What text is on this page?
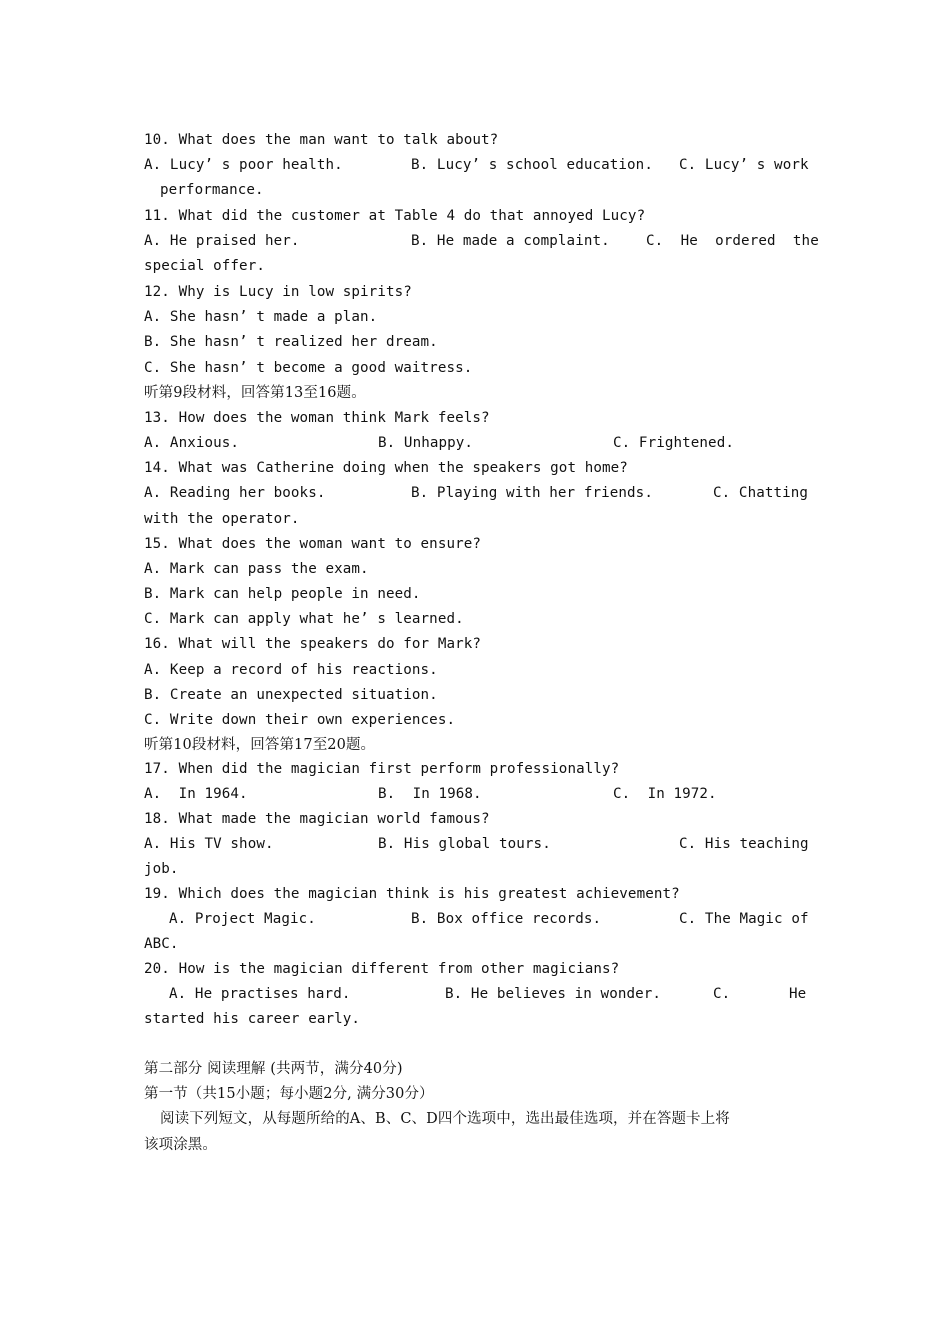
10. What does the man want to talk about?

A. Lucy’ s poor health.

	B. Lucy’ s school education.

C. Lucy’ s work

performance.
11. What did the customer at Table 4 do that annoyed Lucy?

A. He praised her.

	B. He made a complaint.

	C.  He  ordered  the

special offer.
12. Why is Lucy in low spirits?
A. She hasn’ t made a plan.
B. She hasn’ t realized her dream.
C. She hasn’ t become a good waitress.
听第9段材料，回答第13至16题。
13. How does the woman think Mark feels?

A. Anxious.

	B. Unhappy.

	C. Frightened.

14. What was Catherine doing when the speakers got home?

A. Reading her books.

	B. Playing with her friends.

	C. Chatting

with the operator.
15. What does the woman want to ensure?
A. Mark can pass the exam.
B. Mark can help people in need.
C. Mark can apply what he’ s learned.
16. What will the speakers do for Mark?
A. Keep a record of his reactions.
B. Create an unexpected situation.
C. Write down their own experiences.
听第10段材料，回答第17至20题。
17. When did the magician first perform professionally?

A.  In 1964.

	B.  In 1968.

	C.  In 1972.

18. What made the magician world famous?

A. His TV show.

	B. His global tours.

	C. His teaching

job.
19. Which does the magician think is his greatest achievement?

A. Project Magic.

	B. Box office records.

	C. The Magic of

ABC.
20. How is the magician different from other magicians?

A. He practises hard.

	B. He believes in wonder.

	C.

	He

started his career early.
第二部分 阅读理解 (共两节，满分40分)
第一节（共15小题；每小题2分, 满分30分）
阅读下列短文，从每题所给的A、B、C、D四个选项中，选出最佳选项，并在答题卡上将
该项涂黑。
